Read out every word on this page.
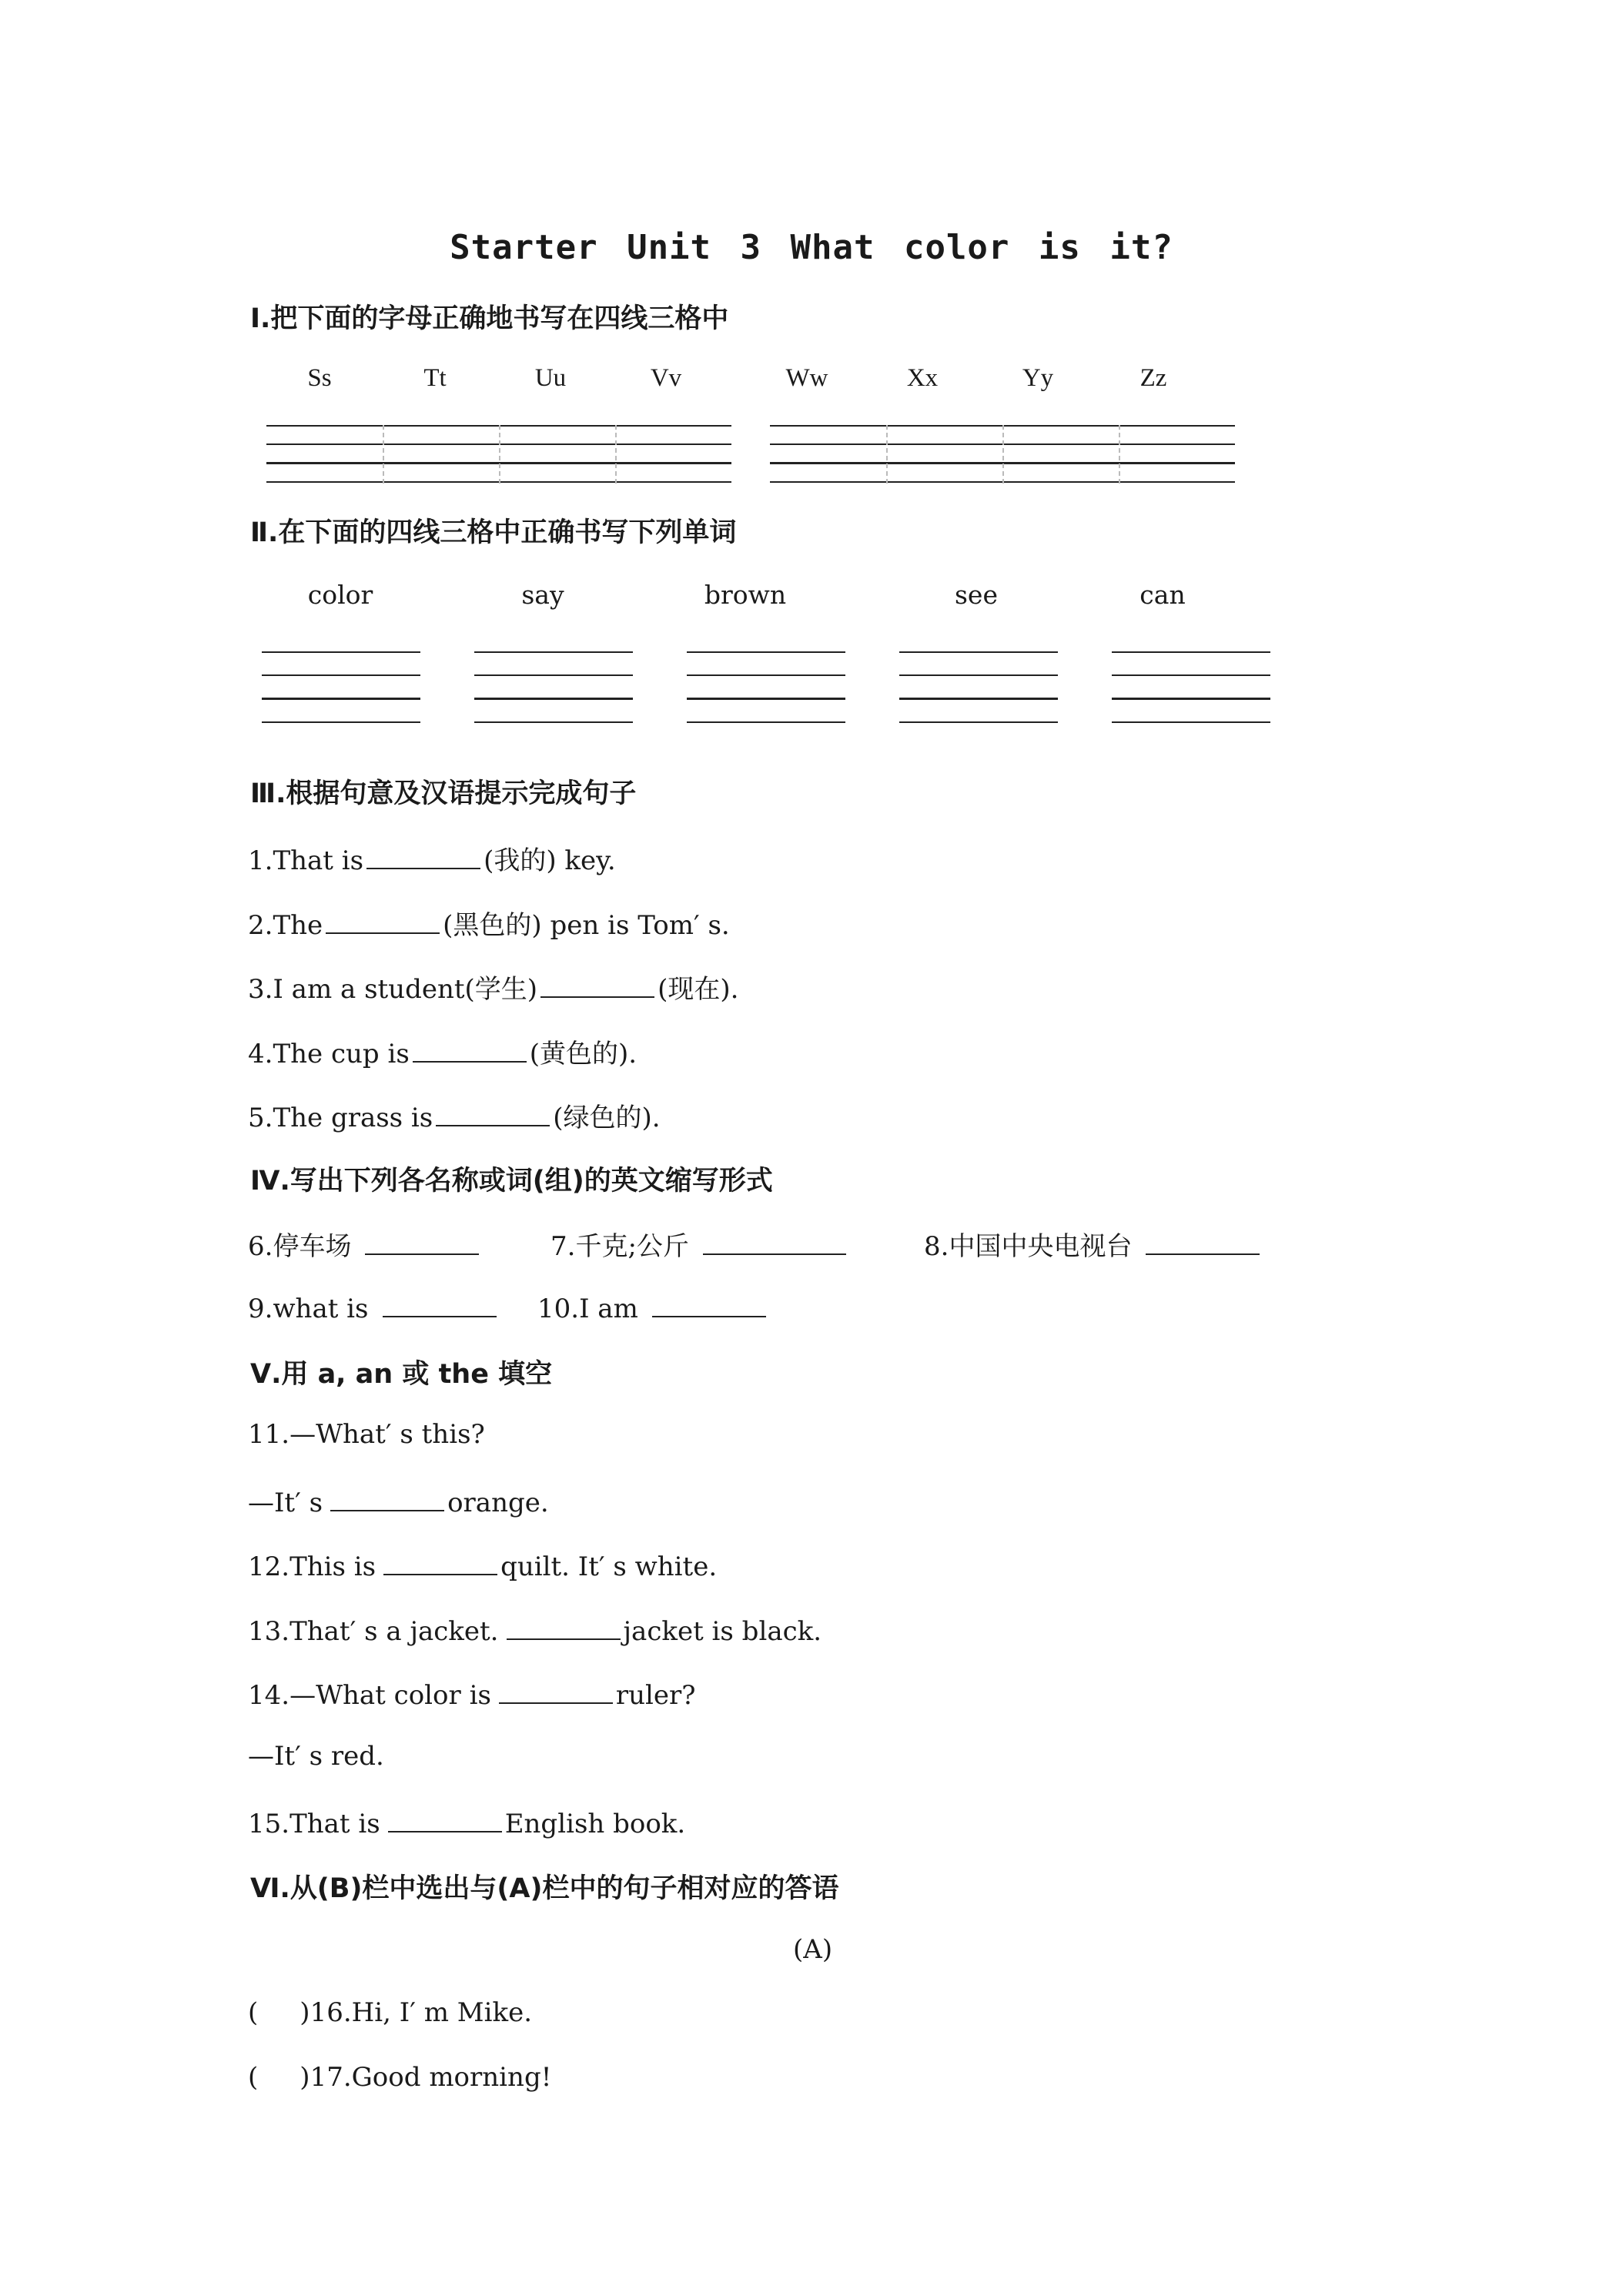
Starter Unit 3 What color is it?
Ⅰ.把下面的字母正确地书写在四线三格中
Ss	Tt	Uu	Vv	Ww	Xx	Yy	Zz
Ⅱ.在下面的四线三格中正确书写下列单词
color	say	brown	see	can
Ⅲ.根据句意及汉语提示完成句子
1.That is	(我的) key.
2.The	(黑色的) pen is Tom′ s.
3.I am a student(学生)	(现在).
4.The cup is	(黄色的).
5.The grass is	(绿色的).
Ⅳ.写出下列各名称或词(组)的英文缩写形式
6.停车场	7.千克;公斤	8.中国中央电视台
9.what is	10.I am
Ⅴ.用 a, an 或 the 填空
11.—What′ s this?
—It′ s	orange.
12.This is	quilt. It′ s white.
13.That′ s a jacket.	jacket is black.
14.—What color is	ruler?
—It′ s red.
15.That is	English book.
Ⅵ.从(B)栏中选出与(A)栏中的句子相对应的答语
(A)
(     )16.Hi, I′ m Mike.
(     )17.Good morning!
